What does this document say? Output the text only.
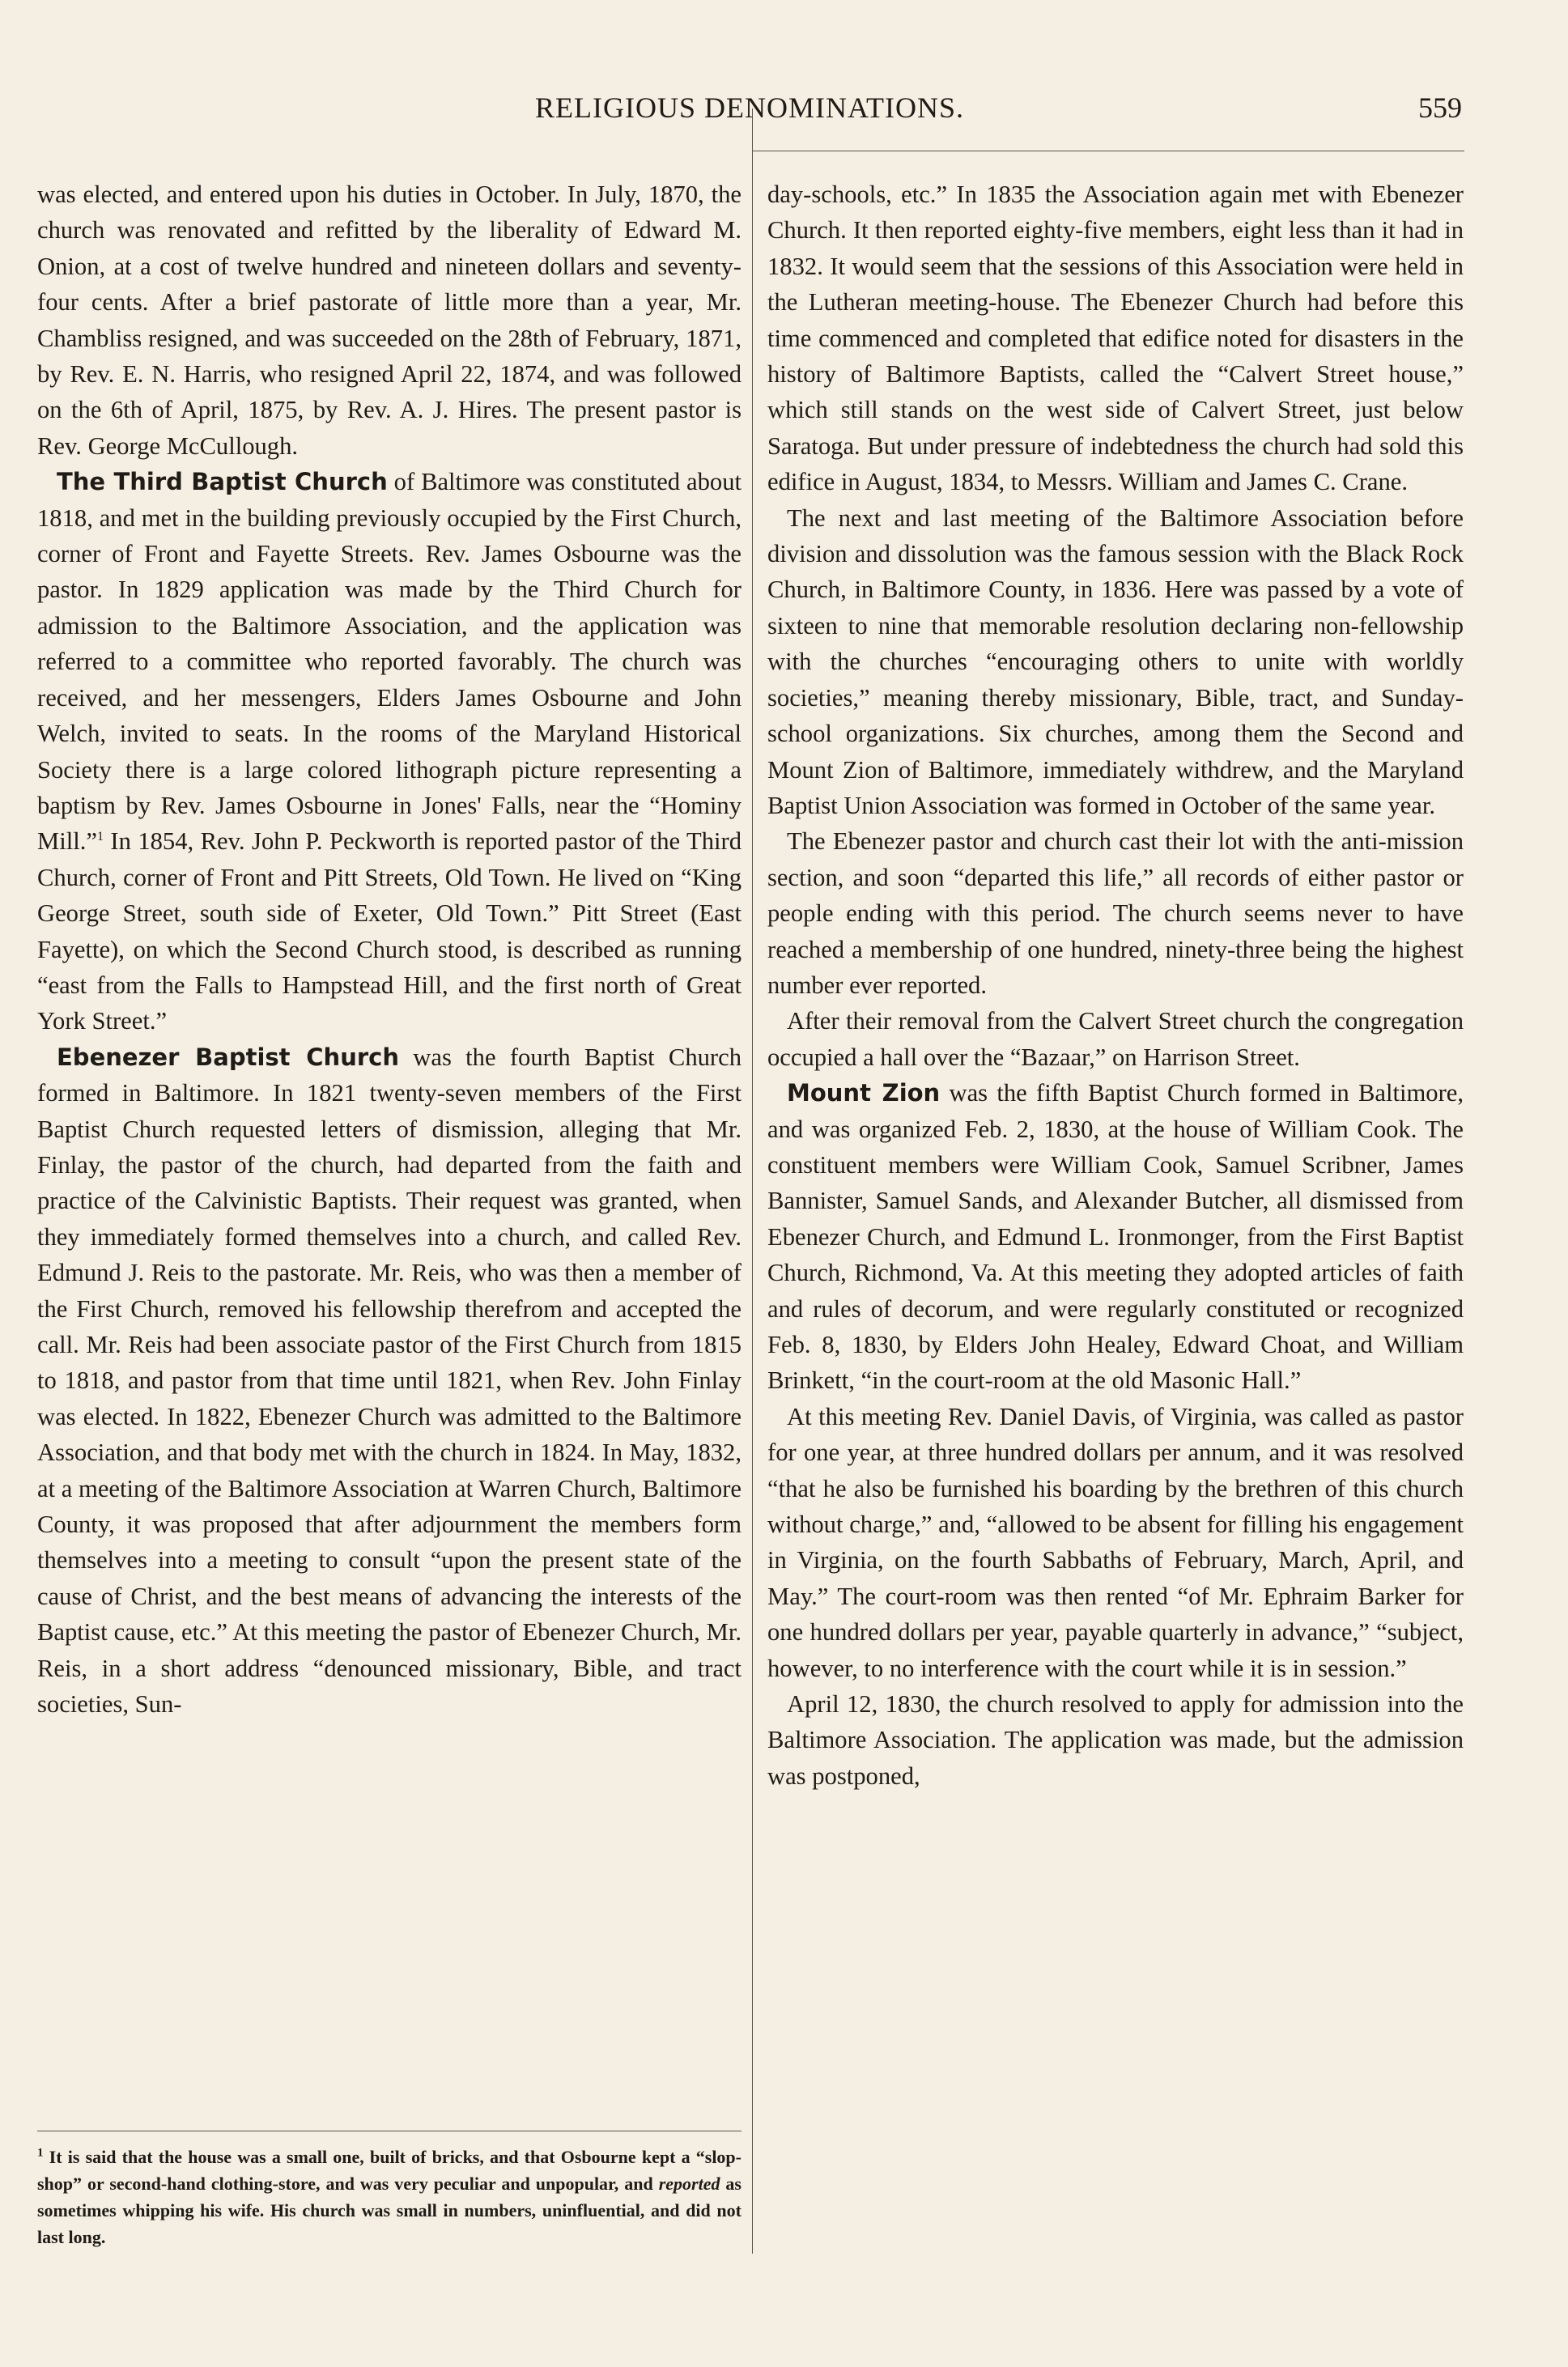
RELIGIOUS DENOMINATIONS.	559

was elected, and entered upon his duties in October. In July, 1870, the church was renovated and refitted by the liberality of Edward M. Onion, at a cost of twelve hundred and nineteen dollars and seventy-four cents. After a brief pastorate of little more than a year, Mr. Chambliss resigned, and was succeeded on the 28th of February, 1871, by Rev. E. N. Harris, who resigned April 22, 1874, and was followed on the 6th of April, 1875, by Rev. A. J. Hires. The present pastor is Rev. George McCullough.

The Third Baptist Church of Baltimore was constituted about 1818, and met in the building previously occupied by the First Church, corner of Front and Fayette Streets. Rev. James Osbourne was the pastor. In 1829 application was made by the Third Church for admission to the Baltimore Association, and the application was referred to a committee who reported favorably. The church was received, and her messengers, Elders James Osbourne and John Welch, invited to seats. In the rooms of the Maryland Historical Society there is a large colored lithograph picture representing a baptism by Rev. James Osbourne in Jones' Falls, near the “Hominy Mill.”$^1$ In 1854, Rev. John P. Peckworth is reported pastor of the Third Church, corner of Front and Pitt Streets, Old Town. He lived on “King George Street, south side of Exeter, Old Town.” Pitt Street (East Fayette), on which the Second Church stood, is described as running “east from the Falls to Hampstead Hill, and the first north of Great York Street.”

Ebenezer Baptist Church was the fourth Baptist Church formed in Baltimore. In 1821 twenty-seven members of the First Baptist Church requested letters of dismission, alleging that Mr. Finlay, the pastor of the church, had departed from the faith and practice of the Calvinistic Baptists. Their request was granted, when they immediately formed themselves into a church, and called Rev. Edmund J. Reis to the pastorate. Mr. Reis, who was then a member of the First Church, removed his fellowship therefrom and accepted the call. Mr. Reis had been associate pastor of the First Church from 1815 to 1818, and pastor from that time until 1821, when Rev. John Finlay was elected. In 1822, Ebenezer Church was admitted to the Baltimore Association, and that body met with the church in 1824. In May, 1832, at a meeting of the Baltimore Association at Warren Church, Baltimore County, it was proposed that after adjournment the members form themselves into a meeting to consult “upon the present state of the cause of Christ, and the best means of advancing the interests of the Baptist cause, etc.” At this meeting the pastor of Ebenezer Church, Mr. Reis, in a short address “denounced missionary, Bible, and tract societies, Sun-

$^1$ It is said that the house was a small one, built of bricks, and that Osbourne kept a “slop-shop” or second-hand clothing-store, and was very peculiar and unpopular, and reported as sometimes whipping his wife. His church was small in numbers, uninfluential, and did not last long.

day-schools, etc.” In 1835 the Association again met with Ebenezer Church. It then reported eighty-five members, eight less than it had in 1832. It would seem that the sessions of this Association were held in the Lutheran meeting-house. The Ebenezer Church had before this time commenced and completed that edifice noted for disasters in the history of Baltimore Baptists, called the “Calvert Street house,” which still stands on the west side of Calvert Street, just below Saratoga. But under pressure of indebtedness the church had sold this edifice in August, 1834, to Messrs. William and James C. Crane.

The next and last meeting of the Baltimore Association before division and dissolution was the famous session with the Black Rock Church, in Baltimore County, in 1836. Here was passed by a vote of sixteen to nine that memorable resolution declaring non-fellowship with the churches “encouraging others to unite with worldly societies,” meaning thereby missionary, Bible, tract, and Sunday-school organizations. Six churches, among them the Second and Mount Zion of Baltimore, immediately withdrew, and the Maryland Baptist Union Association was formed in October of the same year.

The Ebenezer pastor and church cast their lot with the anti-mission section, and soon “departed this life,” all records of either pastor or people ending with this period. The church seems never to have reached a membership of one hundred, ninety-three being the highest number ever reported.

After their removal from the Calvert Street church the congregation occupied a hall over the “Bazaar,” on Harrison Street.

Mount Zion was the fifth Baptist Church formed in Baltimore, and was organized Feb. 2, 1830, at the house of William Cook. The constituent members were William Cook, Samuel Scribner, James Bannister, Samuel Sands, and Alexander Butcher, all dismissed from Ebenezer Church, and Edmund L. Ironmonger, from the First Baptist Church, Richmond, Va. At this meeting they adopted articles of faith and rules of decorum, and were regularly constituted or recognized Feb. 8, 1830, by Elders John Healey, Edward Choat, and William Brinkett, “in the court-room at the old Masonic Hall.”

At this meeting Rev. Daniel Davis, of Virginia, was called as pastor for one year, at three hundred dollars per annum, and it was resolved “that he also be furnished his boarding by the brethren of this church without charge,” and, “allowed to be absent for filling his engagement in Virginia, on the fourth Sabbaths of February, March, April, and May.” The court-room was then rented “of Mr. Ephraim Barker for one hundred dollars per year, payable quarterly in advance,” “subject, however, to no interference with the court while it is in session.”

April 12, 1830, the church resolved to apply for admission into the Baltimore Association. The application was made, but the admission was postponed,
